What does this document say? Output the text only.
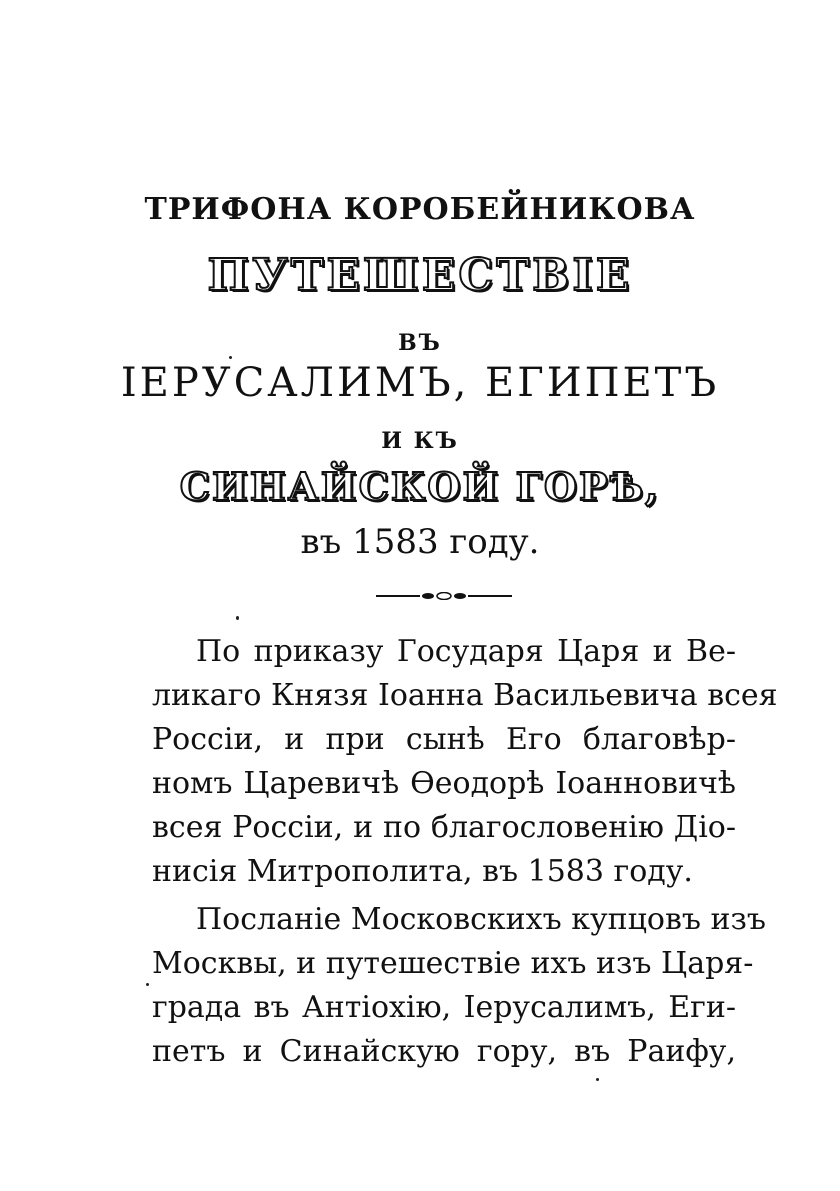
ТРИФОНА КОРОБЕЙНИКОВА
ПУТЕШЕСТВІЕ
ВЪ
ІЕРУСАЛИМЪ, ЕГИПЕТЪ
И КЪ
СИНАЙСКОЙ ГОРѢ,
въ 1583 году.
По приказу Государя Царя и Ве-
ликаго Князя Іоанна Васильевича всея
Россіи, и при сынѣ Его благовѣр-
номъ Царевичѣ Ѳеодорѣ Іоанновичѣ
всея Россіи, и по благословенію Діо-
нисія Митрополита, въ 1583 году.
Посланіе Московскихъ купцовъ изъ
Москвы, и путешествіе ихъ изъ Царя-
града въ Антіохію, Іерусалимъ, Еги-
петъ и Синайскую гору, въ Раифу,
